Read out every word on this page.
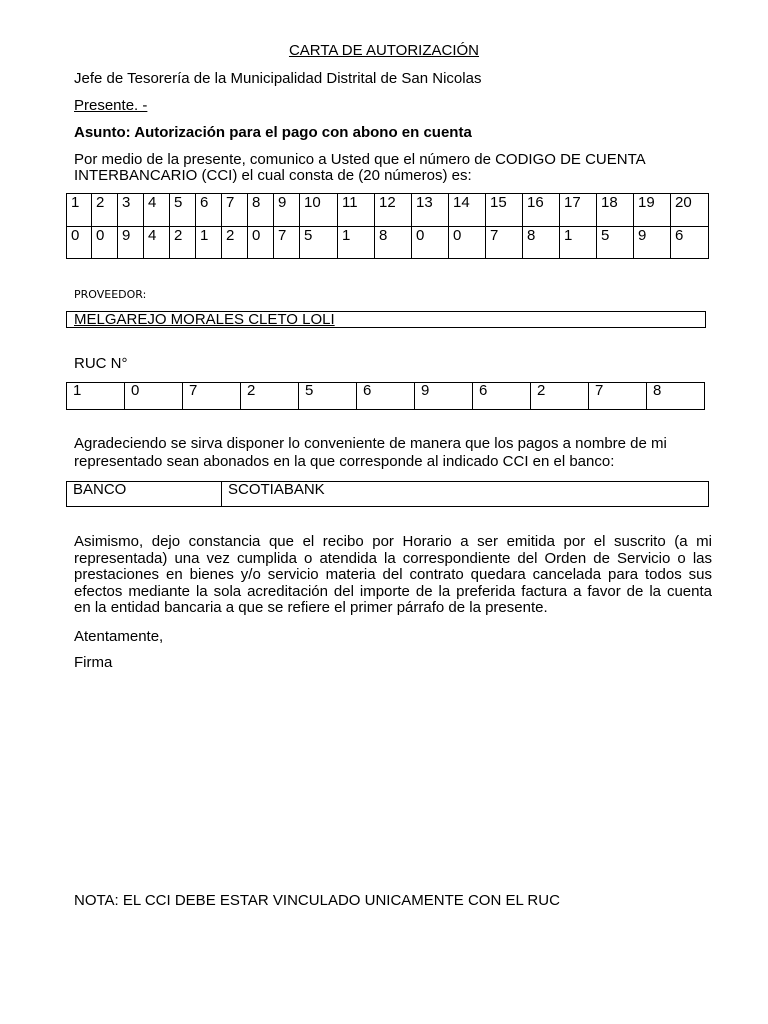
CARTA DE AUTORIZACIÓN
Jefe de Tesorería de la Municipalidad Distrital de San Nicolas
Presente. -
Asunto: Autorización para el pago con abono en cuenta
Por medio de la presente, comunico a Usted que el número de CODIGO DE CUENTA
INTERBANCARIO (CCI) el cual consta de (20 números) es:
1	2	3	4	5	6	7	8	9	10	11	12	13	14	15	16	17	18	19	20
0	0	9	4	2	1	2	0	7	5	1	8	0	0	7	8	1	5	9	6
PROVEEDOR:
MELGAREJO MORALES CLETO LOLI
RUC N°
1	0	7	2	5	6	9	6	2	7	8
Agradeciendo se sirva disponer lo conveniente de manera que los pagos a nombre de mi
representado sean abonados en la que corresponde al indicado CCI en el banco:
BANCO	SCOTIABANK
Asimismo, dejo constancia que el recibo por Horario a ser emitida por el suscrito (a mi
representada) una vez cumplida o atendida la correspondiente del Orden de Servicio o las
prestaciones en bienes y/o servicio materia del contrato quedara cancelada para todos sus
efectos mediante la sola acreditación del importe de la preferida factura a favor de la cuenta
en la entidad bancaria a que se refiere el primer párrafo de la presente.
Atentamente,
Firma
NOTA: EL CCI DEBE ESTAR VINCULADO UNICAMENTE CON EL RUC
